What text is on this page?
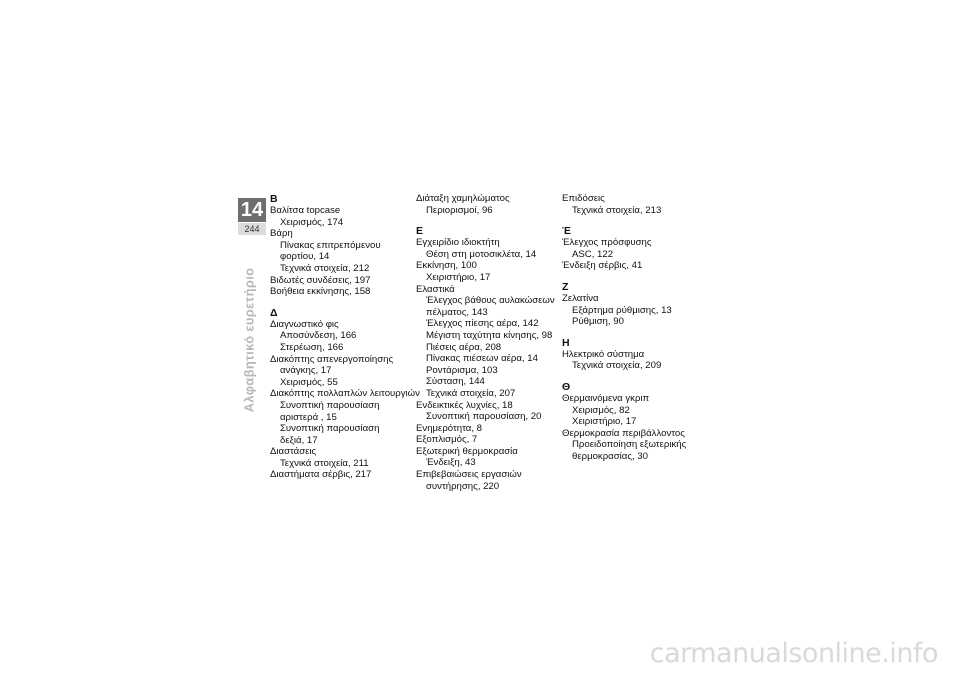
14
244
Αλφαβητικό ευρετήριο
Β
Βαλίτσα topcase
Χειρισμός, 174
Βάρη
Πίνακας επιτρεπόμενου
φορτίου, 14
Τεχνικά στοιχεία, 212
Βιδωτές συνδέσεις, 197
Βοήθεια εκκίνησης, 158
Δ
Διαγνωστικό φις
Αποσύνδεση, 166
Στερέωση, 166
Διακόπτης απενεργοποίησης
ανάγκης, 17
Χειρισμός, 55
Διακόπτης πολλαπλών λειτουργιών
Συνοπτική παρουσίαση
αριστερά , 15
Συνοπτική παρουσίαση
δεξιά, 17
Διαστάσεις
Τεχνικά στοιχεία, 211
Διαστήματα σέρβις, 217
Διάταξη χαμηλώματος
Περιορισμοί, 96
Ε
Εγχειρίδιο ιδιοκτήτη
Θέση στη μοτοσικλέτα, 14
Εκκίνηση, 100
Χειριστήριο, 17
Ελαστικά
Έλεγχος βάθους αυλακώσεων
πέλματος, 143
Έλεγχος πίεσης αέρα, 142
Μέγιστη ταχύτητα κίνησης, 98
Πιέσεις αέρα, 208
Πίνακας πιέσεων αέρα, 14
Ροντάρισμα, 103
Σύσταση, 144
Τεχνικά στοιχεία, 207
Ενδεικτικές λυχνίες, 18
Συνοπτική παρουσίαση, 20
Ενημερότητα, 8
Εξοπλισμός, 7
Εξωτερική θερμοκρασία
Ένδειξη, 43
Επιβεβαιώσεις εργασιών
συντήρησης, 220
Επιδόσεις
Τεχνικά στοιχεία, 213
Έ
Έλεγχος πρόσφυσης
ASC, 122
Ένδειξη σέρβις, 41
Ζ
Ζελατίνα
Εξάρτημα ρύθμισης, 13
Ρύθμιση, 90
Η
Ηλεκτρικό σύστημα
Τεχνικά στοιχεία, 209
Θ
Θερμαινόμενα γκριπ
Χειρισμός, 82
Χειριστήριο, 17
Θερμοκρασία περιβάλλοντος
Προειδοποίηση εξωτερικής
θερμοκρασίας, 30
carmanualsonline.info
